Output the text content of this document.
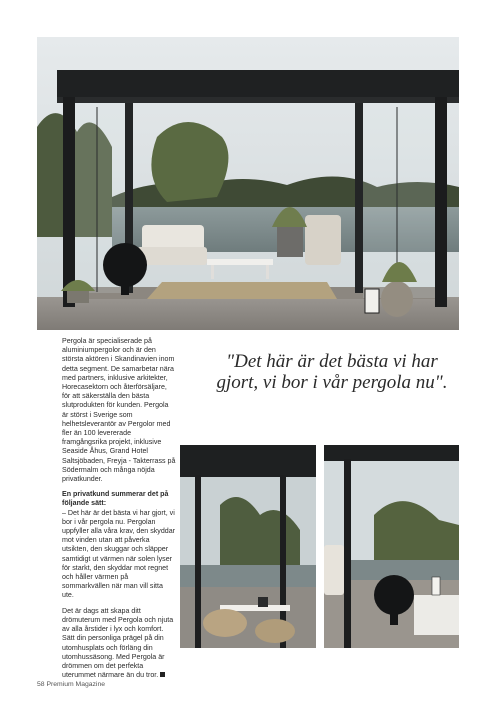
Pergola är specialiserade på aluminiumpergolor och är den största aktören i Skandinavien inom detta segment. De samarbetar nära med partners, inklusive arkitekter, Horecasektorn och återförsäljare, för att säkerställa den bästa slutprodukten för kunden. Pergola är störst i Sverige som helhetsleverantör av Pergolor med fler än 100 levererade framgångsrika projekt, inklusive Seaside Åhus, Grand Hotel Saltsjöbaden, Freyja - Takterrass på Södermalm och många nöjda privatkunder.

En privatkund summerar det på följande sätt:

– Det här är det bästa vi har gjort, vi bor i vår pergola nu. Pergolan uppfyller alla våra krav, den skyddar mot vinden utan att påverka utsikten, den skuggar och släpper samtidigt ut värmen när solen lyser för starkt, den skyddar mot regnet och håller värmen på sommarkvällen när man vill sitta ute.

Det är dags att skapa ditt drömuterum med Pergola och njuta av alla årstider i lyx och komfort. Sätt din personliga prägel på din utomhusplats och förläng din utomhussäsong. Med Pergola är drömmen om det perfekta uterummet närmare än du tror.

"Det här är det bästa vi har gjort, vi bor i vår pergola nu".
58 Premium Magazine
